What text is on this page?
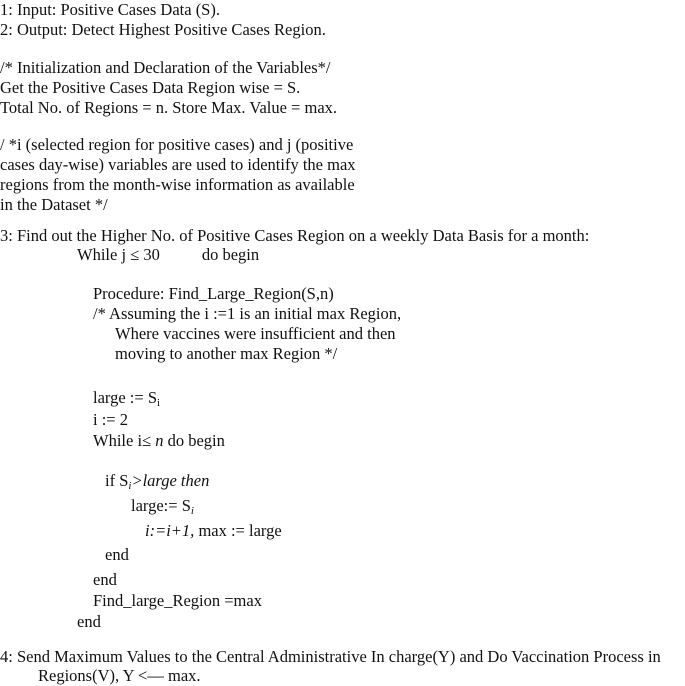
1: Input: Positive Cases Data (S).
2: Output: Detect Highest Positive Cases Region.
/* Initialization and Declaration of the Variables*/
Get the Positive Cases Data Region wise = S.
Total No. of Regions = n. Store Max. Value = max.
/ *i (selected region for positive cases) and j (positive
cases day-wise) variables are used to identify the max
regions from the month-wise information as available
in the Dataset */
3: Find out the Higher No. of Positive Cases Region on a weekly Data Basis for a month:
While j ≤ 30	do begin
Procedure: Find_Large_Region(S,n)
/* Assuming the i :=1 is an initial max Region,
Where vaccines were insufficient and then
moving to another max Region */
large := $S_i$
i := 2
While i≤ n do begin
if $S_i>large$ then
large:= $S_i$
i:=i+1, max := large
end
end
Find_large_Region =max
end
4: Send Maximum Values to the Central Administrative In charge(Y) and Do Vaccination Process in
Regions(V), Y <— max.
